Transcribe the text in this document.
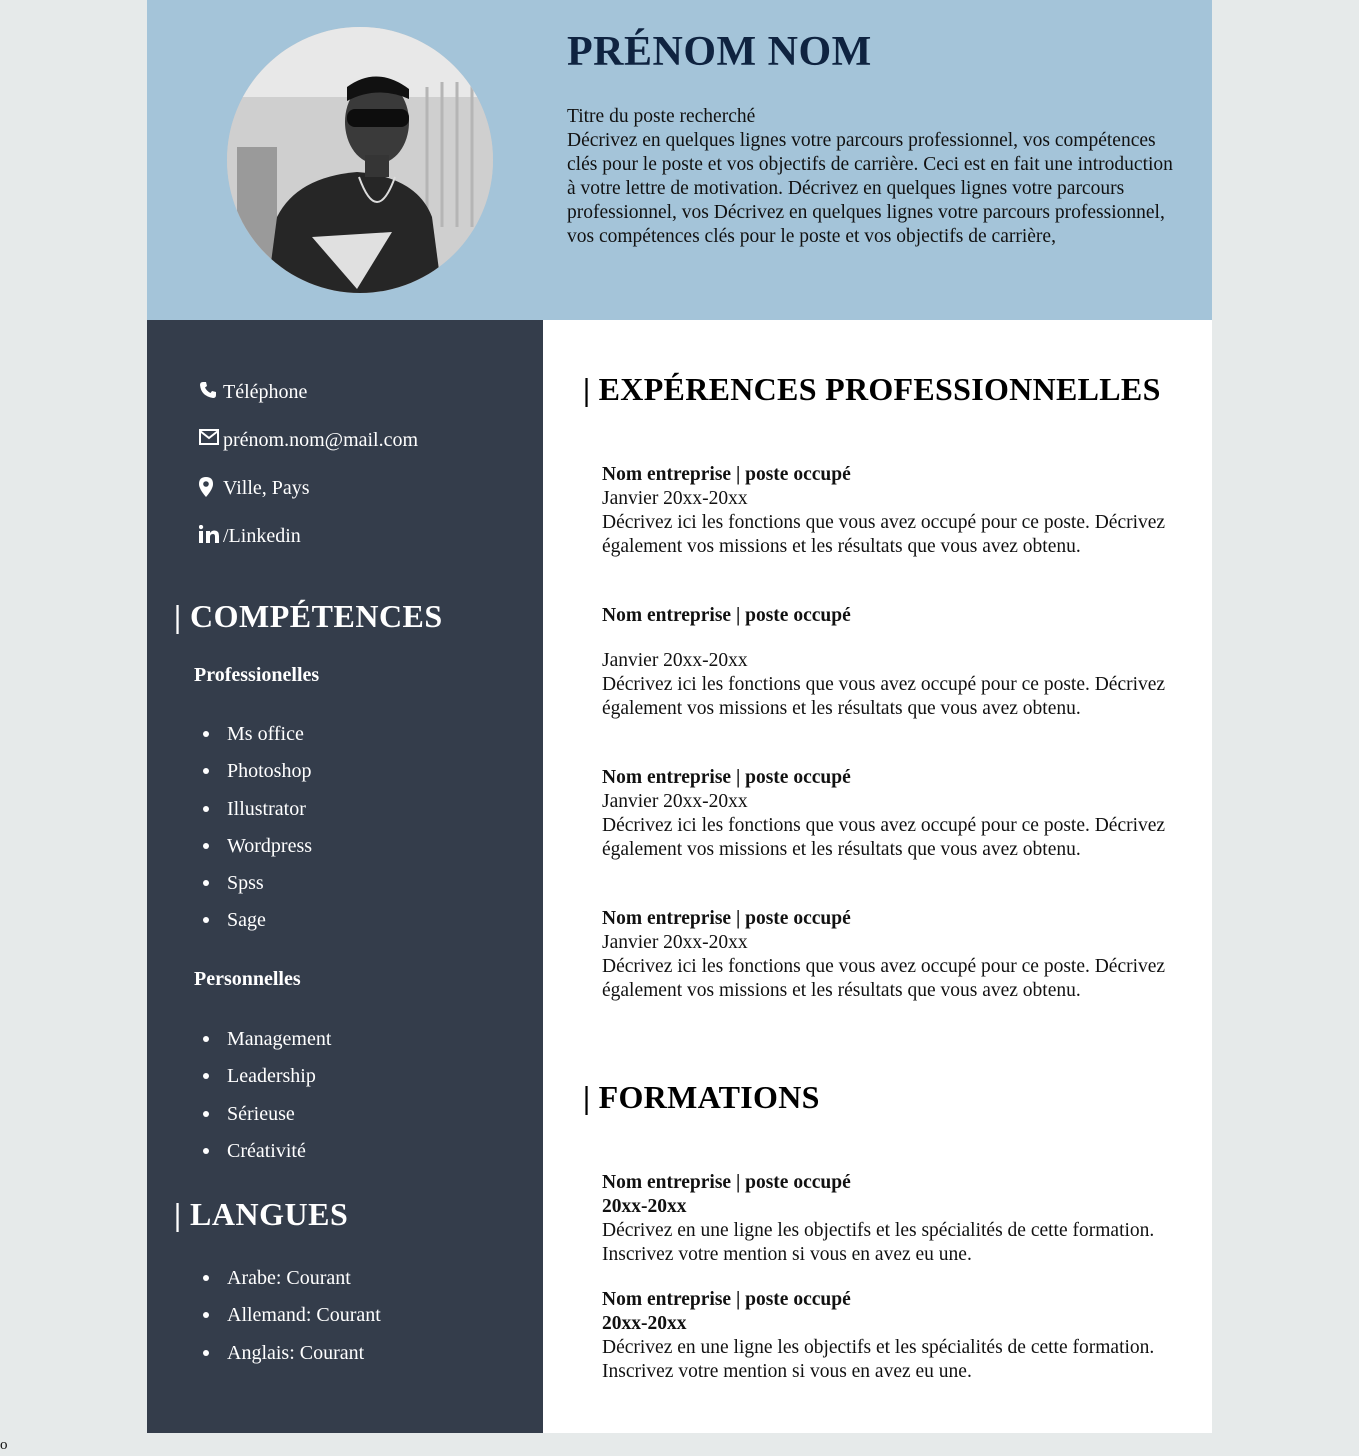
PRÉNOM NOM

Titre du poste recherché

Décrivez en quelques lignes votre parcours professionnel, vos compétences clés pour le poste et vos objectifs de carrière. Ceci est en fait une introduction à votre lettre de motivation. Décrivez en quelques lignes votre parcours professionnel, vos Décrivez en quelques lignes votre parcours professionnel, vos compétences clés pour le poste et vos objectifs de carrière,

Téléphone
prénom.nom@mail.com
Ville, Pays
/Linkedin
| COMPÉTENCES
Professionelles
Ms office
Photoshop
Illustrator
Wordpress
Spss
Sage
Personnelles
Management
Leadership
Sérieuse
Créativité
| LANGUES
Arabe: Courant
Allemand: Courant
Anglais: Courant
| EXPÉRENCES PROFESSIONNELLES
Nom entreprise | poste occupé
Janvier 20xx-20xx
Décrivez ici les fonctions que vous avez occupé pour ce poste. Décrivez également vos missions et les résultats que vous avez obtenu.
Nom entreprise | poste occupé
Janvier 20xx-20xx
Décrivez ici les fonctions que vous avez occupé pour ce poste. Décrivez également vos missions et les résultats que vous avez obtenu.
Nom entreprise | poste occupé
Janvier 20xx-20xx
Décrivez ici les fonctions que vous avez occupé pour ce poste. Décrivez également vos missions et les résultats que vous avez obtenu.
Nom entreprise | poste occupé
Janvier 20xx-20xx
Décrivez ici les fonctions que vous avez occupé pour ce poste. Décrivez également vos missions et les résultats que vous avez obtenu.
| FORMATIONS
Nom entreprise | poste occupé
20xx-20xx
Décrivez en une ligne les objectifs et les spécialités de cette formation. Inscrivez votre mention si vous en avez eu une.
Nom entreprise | poste occupé
20xx-20xx
Décrivez en une ligne les objectifs et les spécialités de cette formation. Inscrivez votre mention si vous en avez eu une.
o
